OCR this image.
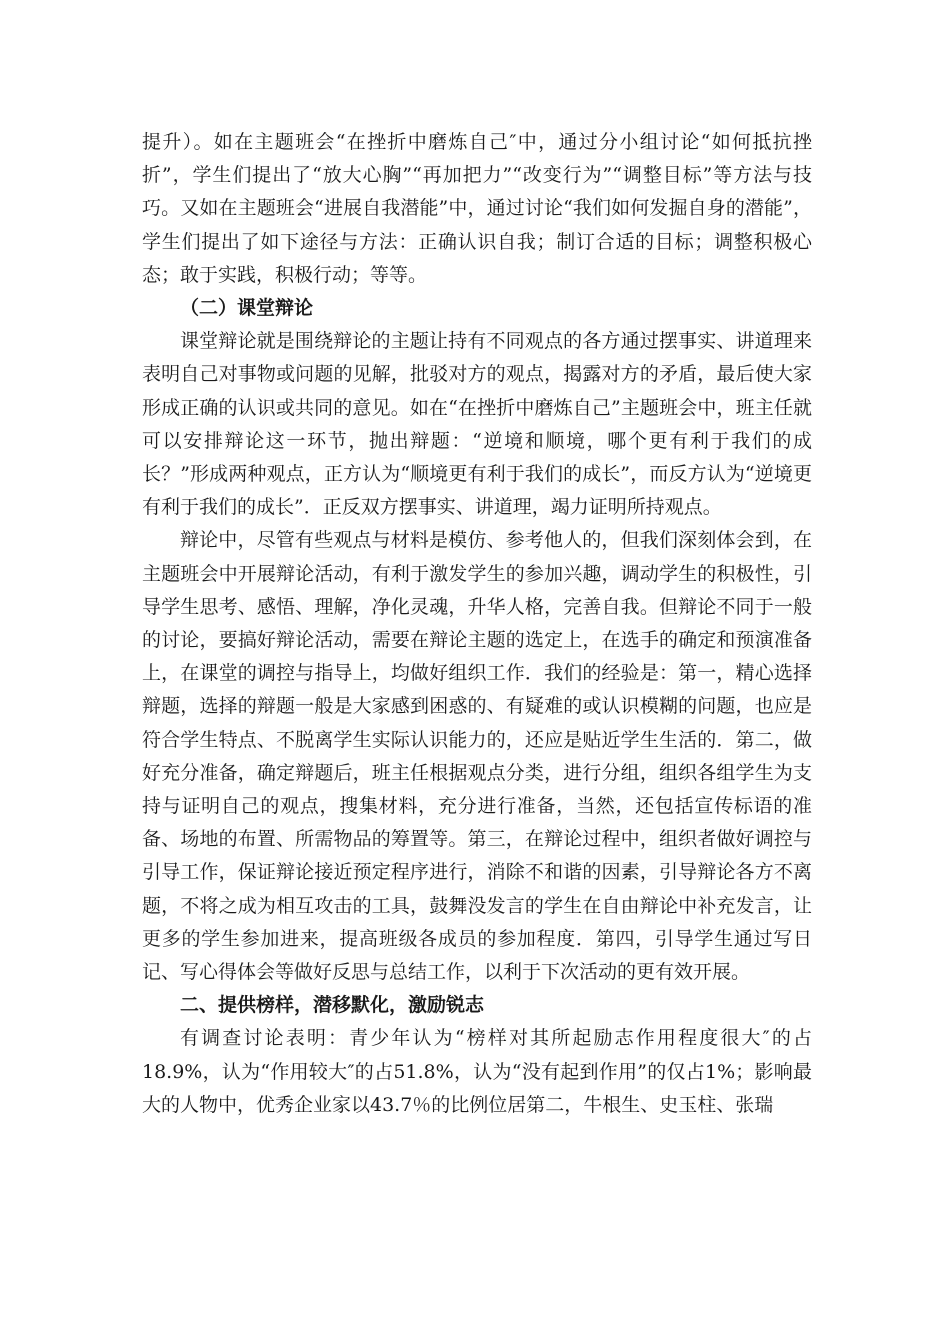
提升）。如在主题班会“在挫折中磨炼自己″中，通过分小组讨论“如何抵抗挫折”，学生们提出了“放大心胸”“再加把力”“改变行为”“调整目标”等方法与技巧。又如在主题班会“进展自我潜能”中，通过讨论“我们如何发掘自身的潜能”，学生们提出了如下途径与方法：正确认识自我；制订合适的目标；调整积极心态；敢于实践，积极行动；等等。

（二）课堂辩论

课堂辩论就是围绕辩论的主题让持有不同观点的各方通过摆事实、讲道理来表明自己对事物或问题的见解，批驳对方的观点，揭露对方的矛盾，最后使大家形成正确的认识或共同的意见。如在“在挫折中磨炼自己”主题班会中，班主任就可以安排辩论这一环节，抛出辩题：“逆境和顺境，哪个更有利于我们的成长？”形成两种观点，正方认为“顺境更有利于我们的成长”，而反方认为“逆境更有利于我们的成长”．正反双方摆事实、讲道理，竭力证明所持观点。

辩论中，尽管有些观点与材料是模仿、参考他人的，但我们深刻体会到，在主题班会中开展辩论活动，有利于激发学生的参加兴趣，调动学生的积极性，引导学生思考、感悟、理解，净化灵魂，升华人格，完善自我。但辩论不同于一般的讨论，要搞好辩论活动，需要在辩论主题的选定上，在选手的确定和预演准备上，在课堂的调控与指导上，均做好组织工作．我们的经验是：第一，精心选择辩题，选择的辩题一般是大家感到困惑的、有疑难的或认识模糊的问题，也应是符合学生特点、不脱离学生实际认识能力的，还应是贴近学生生活的．第二，做好充分准备，确定辩题后，班主任根据观点分类，进行分组，组织各组学生为支持与证明自己的观点，搜集材料，充分进行准备，当然，还包括宣传标语的准备、场地的布置、所需物品的筹置等。第三，在辩论过程中，组织者做好调控与引导工作，保证辩论接近预定程序进行，消除不和谐的因素，引导辩论各方不离题，不将之成为相互攻击的工具，鼓舞没发言的学生在自由辩论中补充发言，让更多的学生参加进来，提高班级各成员的参加程度．第四，引导学生通过写日记、写心得体会等做好反思与总结工作，以利于下次活动的更有效开展。

二、提供榜样，潜移默化，激励锐志

有调查讨论表明：青少年认为“榜样对其所起励志作用程度很大″的占18.9%，认为“作用较大″的占51.8%，认为“没有起到作用”的仅占1%；影响最大的人物中，优秀企业家以43.7％的比例位居第二，牛根生、史玉柱、张瑞
